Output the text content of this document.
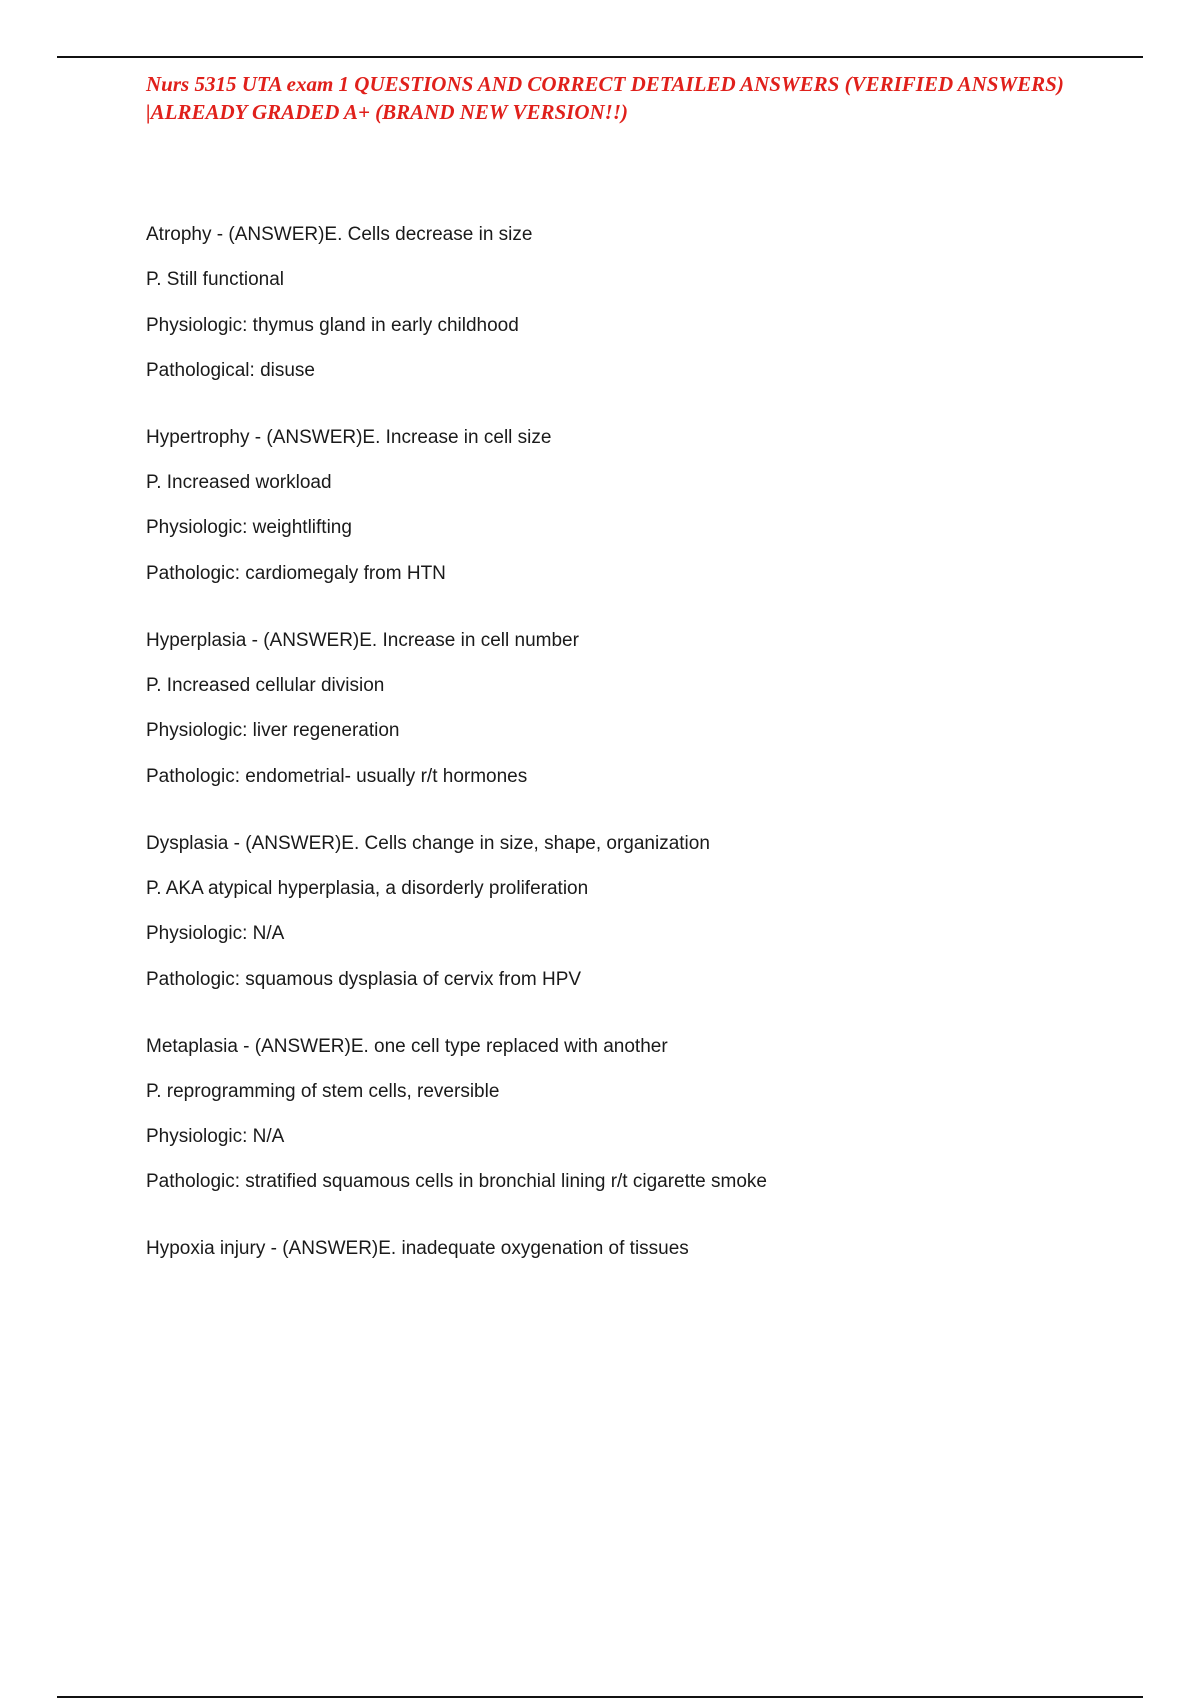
Nurs 5315 UTA exam 1 QUESTIONS AND CORRECT DETAILED ANSWERS (VERIFIED ANSWERS) |ALREADY GRADED A+ (BRAND NEW VERSION!!)
Atrophy - (ANSWER)E. Cells decrease in size
P. Still functional
Physiologic: thymus gland in early childhood
Pathological: disuse
Hypertrophy - (ANSWER)E. Increase in cell size
P. Increased workload
Physiologic: weightlifting
Pathologic: cardiomegaly from HTN
Hyperplasia - (ANSWER)E. Increase in cell number
P. Increased cellular division
Physiologic: liver regeneration
Pathologic: endometrial- usually r/t hormones
Dysplasia - (ANSWER)E. Cells change in size, shape, organization
P. AKA atypical hyperplasia, a disorderly proliferation
Physiologic: N/A
Pathologic: squamous dysplasia of cervix from HPV
Metaplasia - (ANSWER)E. one cell type replaced with another
P. reprogramming of stem cells, reversible
Physiologic: N/A
Pathologic: stratified squamous cells in bronchial lining r/t cigarette smoke
Hypoxia injury - (ANSWER)E. inadequate oxygenation of tissues
